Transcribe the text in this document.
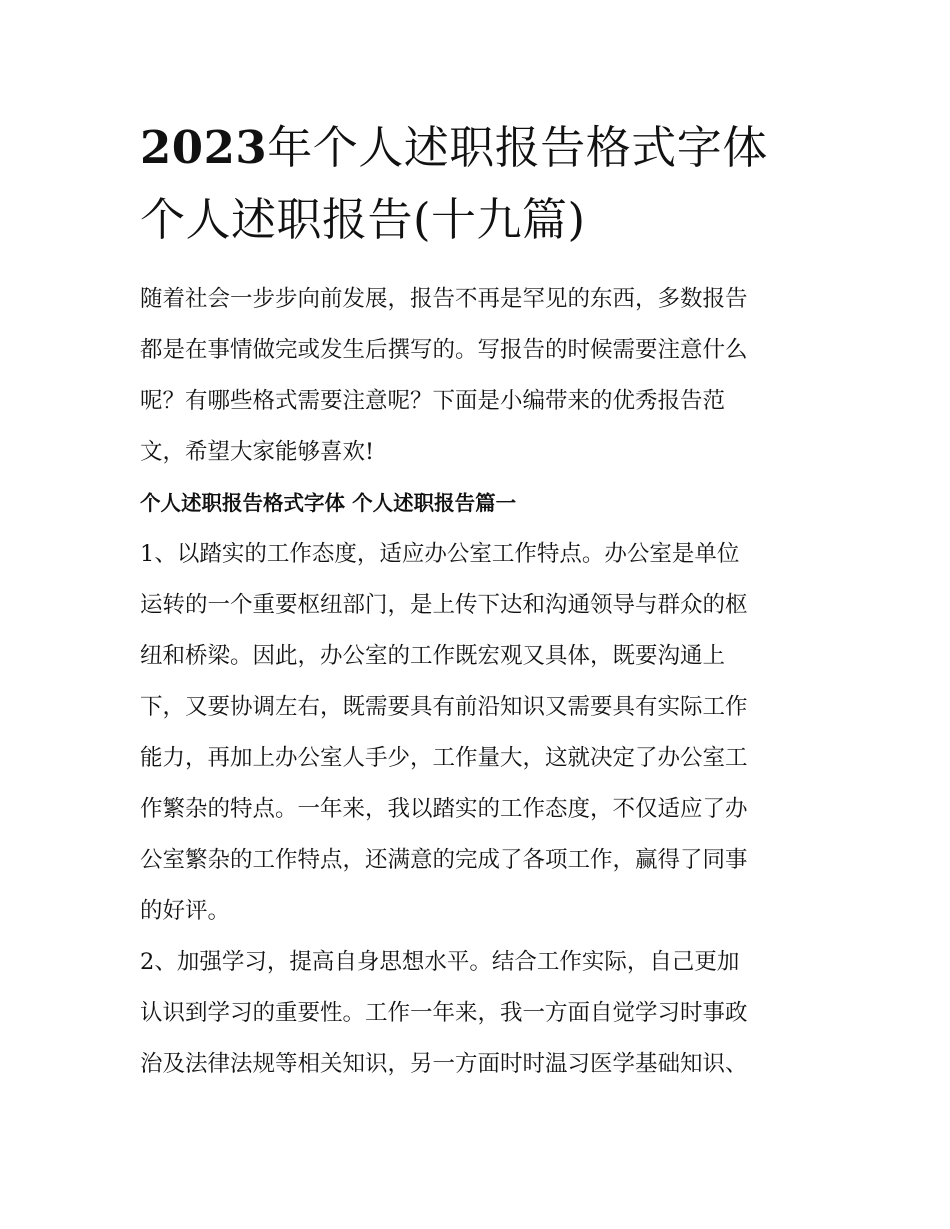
2023年个人述职报告格式字体
个人述职报告(十九篇)

随着社会一步步向前发展，报告不再是罕见的东西，多数报告
都是在事情做完或发生后撰写的。写报告的时候需要注意什么
呢？有哪些格式需要注意呢？下面是小编带来的优秀报告范
文，希望大家能够喜欢!

个人述职报告格式字体 个人述职报告篇一

1、以踏实的工作态度，适应办公室工作特点。办公室是单位
运转的一个重要枢纽部门，是上传下达和沟通领导与群众的枢
纽和桥梁。因此，办公室的工作既宏观又具体，既要沟通上
下，又要协调左右，既需要具有前沿知识又需要具有实际工作
能力，再加上办公室人手少，工作量大，这就决定了办公室工
作繁杂的特点。一年来，我以踏实的工作态度，不仅适应了办
公室繁杂的工作特点，还满意的完成了各项工作，赢得了同事
的好评。

2、加强学习，提高自身思想水平。结合工作实际，自己更加
认识到学习的重要性。工作一年来，我一方面自觉学习时事政
治及法律法规等相关知识，另一方面时时温习医学基础知识、
